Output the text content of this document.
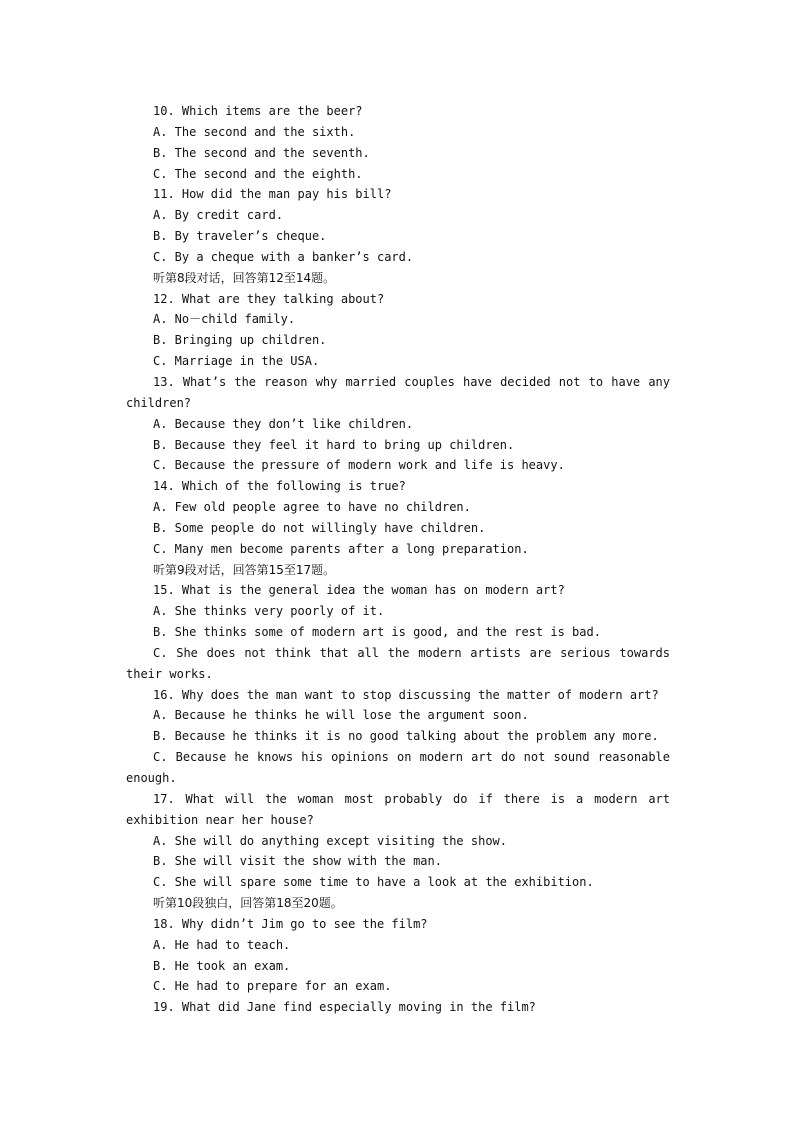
10. Which items are the beer?
A. The second and the sixth.
B. The second and the seventh.
C. The second and the eighth.
11. How did the man pay his bill?
A. By credit card.
B. By traveler’s cheque.
C. By a cheque with a banker’s card.
听第8段对话，回答第12至14题。
12. What are they talking about?
A. No－child family.
B. Bringing up children.
C. Marriage in the USA.
13. What’s the reason why married couples have decided not to have any
children?
A. Because they don’t like children.
B. Because they feel it hard to bring up children.
C. Because the pressure of modern work and life is heavy.
14. Which of the following is true?
A. Few old people agree to have no children.
B. Some people do not willingly have children.
C. Many men become parents after a long preparation.
听第9段对话，回答第15至17题。
15. What is the general idea the woman has on modern art?
A. She thinks very poorly of it.
B. She thinks some of modern art is good, and the rest is bad.
C. She does not think that all the modern artists are serious towards
their works.
16. Why does the man want to stop discussing the matter of modern art?
A. Because he thinks he will lose the argument soon.
B. Because he thinks it is no good talking about the problem any more.
C. Because he knows his opinions on modern art do not sound reasonable
enough.
17. What will the woman most probably do if there is a modern art
exhibition near her house?
A. She will do anything except visiting the show.
B. She will visit the show with the man.
C. She will spare some time to have a look at the exhibition.
听第10段独白，回答第18至20题。
18. Why didn’t Jim go to see the film?
A. He had to teach.
B. He took an exam.
C. He had to prepare for an exam.
19. What did Jane find especially moving in the film?
